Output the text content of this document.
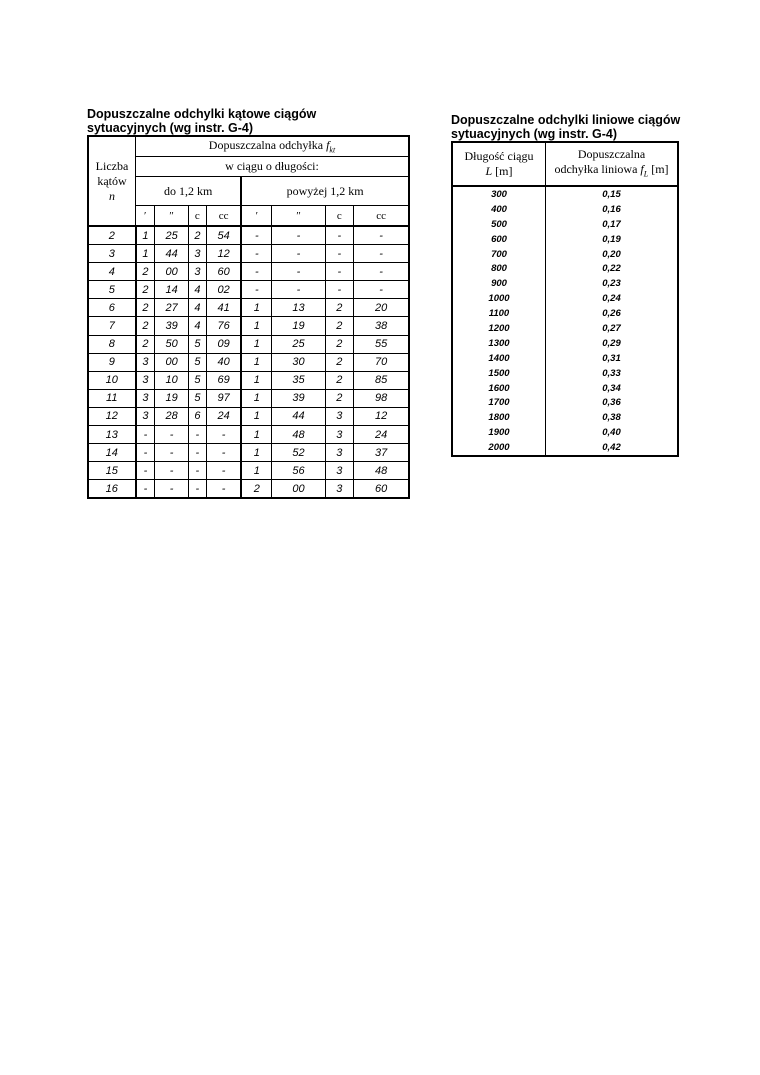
Dopuszczalne odchylki kątowe ciągów
sytuacyjnych (wg instr. G-4)
Liczba
kątów
n	Dopuszczalna odchyłka $f_{kt}$
	w ciągu o długości:							
	do 1,2 km				powyżej 1,2 km			
	′	″	c	cc	′	″	c	cc
2	1	25	2	54	-	-	-	-
3	1	44	3	12	-	-	-	-
4	2	00	3	60	-	-	-	-
5	2	14	4	02	-	-	-	-
6	2	27	4	41	1	13	2	20
7	2	39	4	76	1	19	2	38
8	2	50	5	09	1	25	2	55
9	3	00	5	40	1	30	2	70
10	3	10	5	69	1	35	2	85
11	3	19	5	97	1	39	2	98
12	3	28	6	24	1	44	3	12
13	-	-	-	-	1	48	3	24
14	-	-	-	-	1	52	3	37
15	-	-	-	-	1	56	3	48
16	-	-	-	-	2	00	3	60
Dopuszczalne odchylki liniowe ciągów
sytuacyjnych (wg instr. G-4)
Długość ciągu
L [m]	Dopuszczalna
odchyłka liniowa $f_L$ [m]
300	0,15
400	0,16
500	0,17
600	0,19
700	0,20
800	0,22
900	0,23
1000	0,24
1100	0,26
1200	0,27
1300	0,29
1400	0,31
1500	0,33
1600	0,34
1700	0,36
1800	0,38
1900	0,40
2000	0,42
